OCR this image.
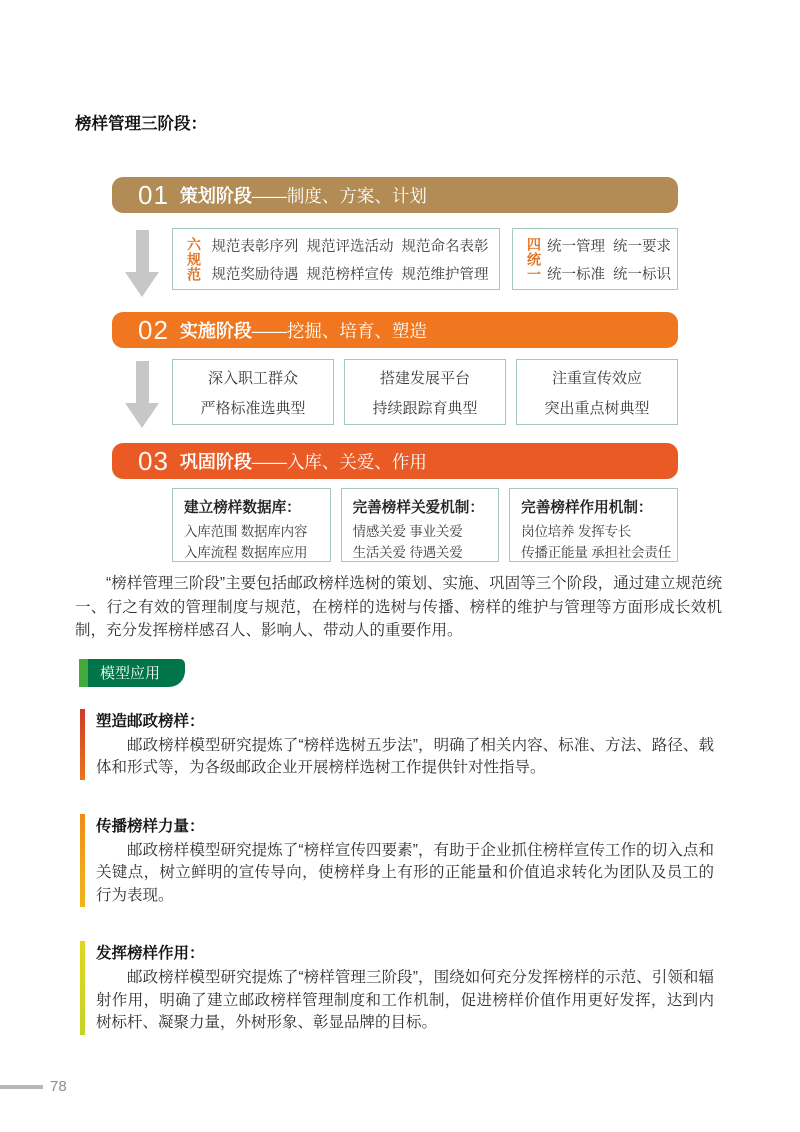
榜样管理三阶段：
01 策划阶段 ——制度、方案、计划
六规范 规范表彰序列  规范评选活动  规范命名表彰
规范奖励待遇  规范榜样宣传  规范维护管理	四统一 统一管理  统一要求
统一标准  统一标识
02 实施阶段 ——挖掘、培育、塑造
深入职工群众
严格标准选典型
搭建发展平台
持续跟踪育典型
注重宣传效应
突出重点树典型
03 巩固阶段 ——入库、关爱、作用
建立榜样数据库：
入库范围 数据库内容
入库流程 数据库应用
完善榜样关爱机制：
情感关爱 事业关爱
生活关爱 待遇关爱
完善榜样作用机制：
岗位培养 发挥专长
传播正能量 承担社会责任

“榜样管理三阶段”主要包括邮政榜样选树的策划、实施、巩固等三个阶段，通过建立规范统一、行之有效的管理制度与规范，在榜样的选树与传播、榜样的维护与管理等方面形成长效机制，充分发挥榜样感召人、影响人、带动人的重要作用。

模型应用
塑造邮政榜样：

邮政榜样模型研究提炼了“榜样选树五步法”，明确了相关内容、标准、方法、路径、载体和形式等，为各级邮政企业开展榜样选树工作提供针对性指导。

传播榜样力量：

邮政榜样模型研究提炼了“榜样宣传四要素”，有助于企业抓住榜样宣传工作的切入点和关键点，树立鲜明的宣传导向，使榜样身上有形的正能量和价值追求转化为团队及员工的行为表现。

发挥榜样作用：

邮政榜样模型研究提炼了“榜样管理三阶段”，围绕如何充分发挥榜样的示范、引领和辐射作用，明确了建立邮政榜样管理制度和工作机制，促进榜样价值作用更好发挥，达到内树标杆、凝聚力量，外树形象、彰显品牌的目标。

78
